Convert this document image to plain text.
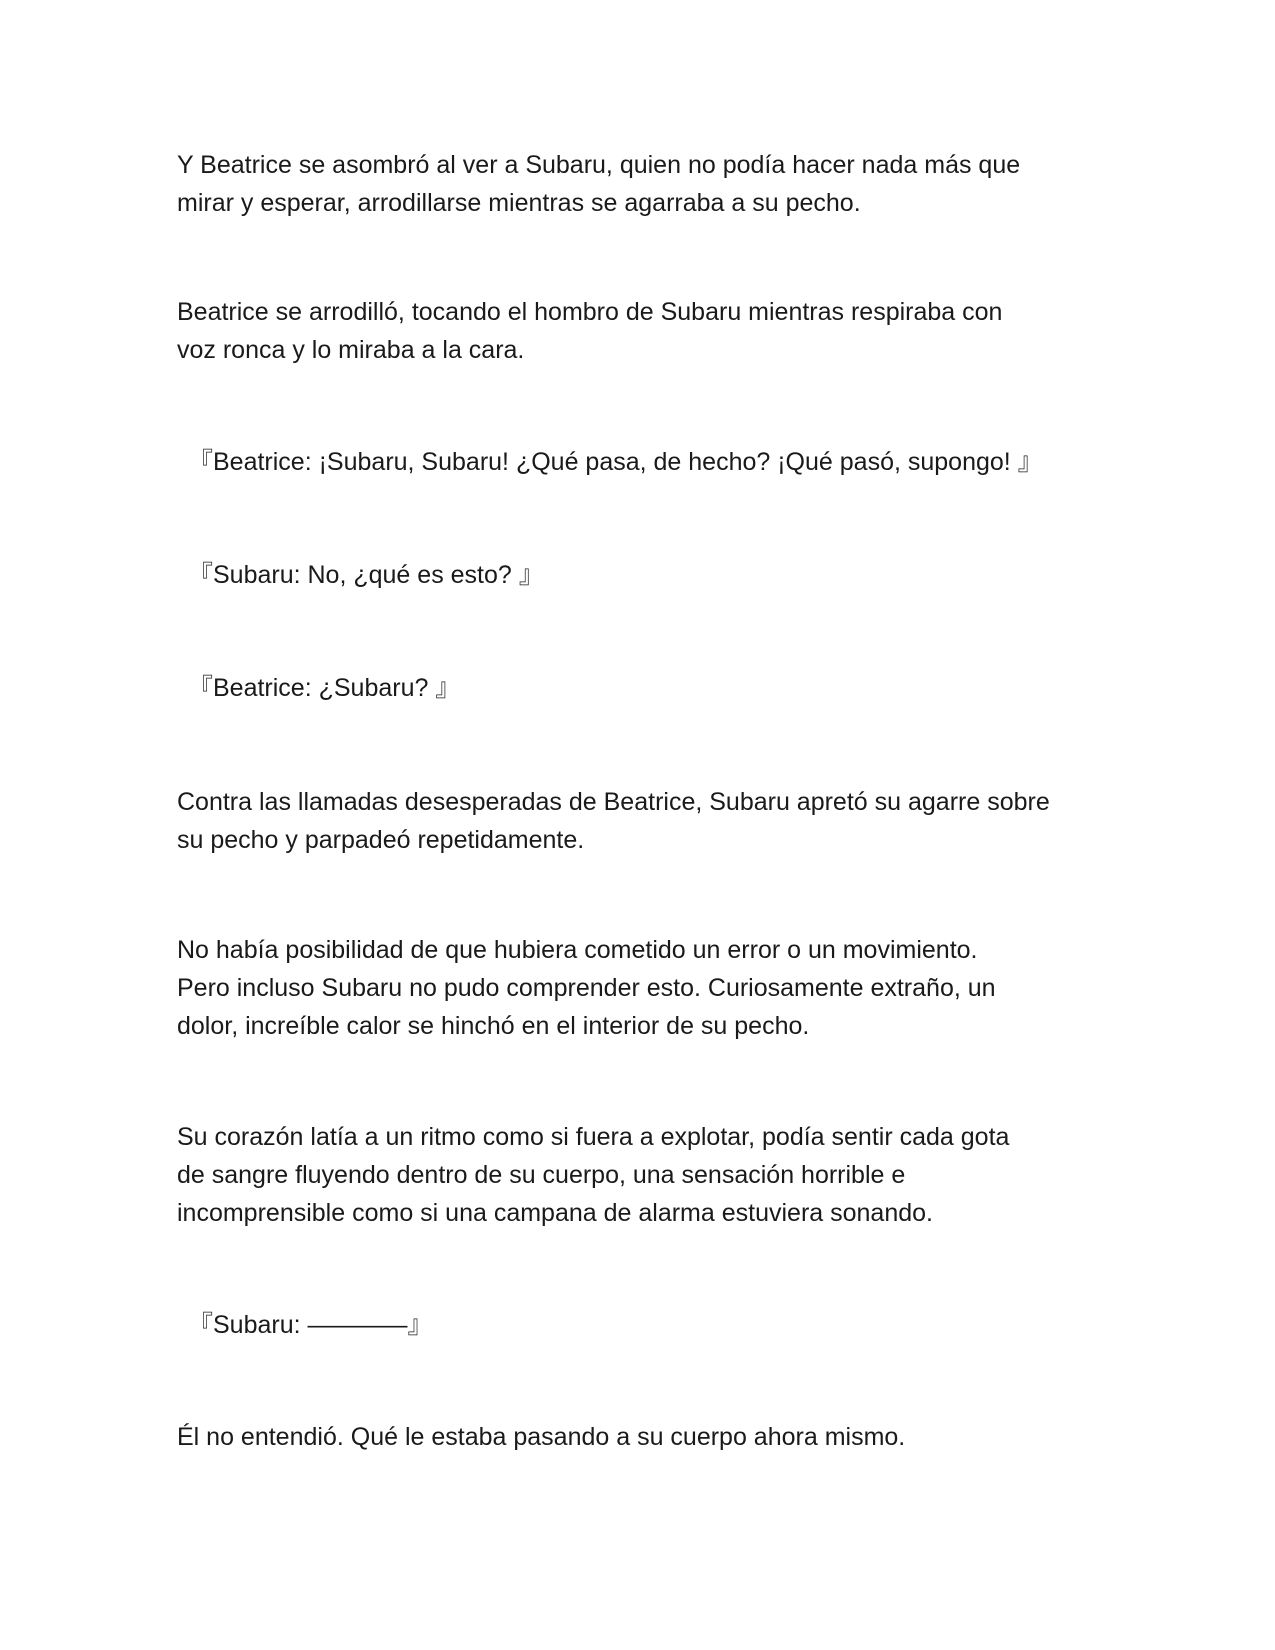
Y Beatrice se asombró al ver a Subaru, quien no podía hacer nada más que
mirar y esperar, arrodillarse mientras se agarraba a su pecho.

Beatrice se arrodilló, tocando el hombro de Subaru mientras respiraba con
voz ronca y lo miraba a la cara.

『Beatrice: ¡Subaru, Subaru! ¿Qué pasa, de hecho? ¡Qué pasó, supongo! 』

『Subaru: No, ¿qué es esto? 』

『Beatrice: ¿Subaru? 』

Contra las llamadas desesperadas de Beatrice, Subaru apretó su agarre sobre
su pecho y parpadeó repetidamente.

No había posibilidad de que hubiera cometido un error o un movimiento.
Pero incluso Subaru no pudo comprender esto. Curiosamente extraño, un
dolor, increíble calor se hinchó en el interior de su pecho.

Su corazón latía a un ritmo como si fuera a explotar, podía sentir cada gota
de sangre fluyendo dentro de su cuerpo, una sensación horrible e
incomprensible como si una campana de alarma estuviera sonando.

『Subaru: ————』

Él no entendió. Qué le estaba pasando a su cuerpo ahora mismo.
